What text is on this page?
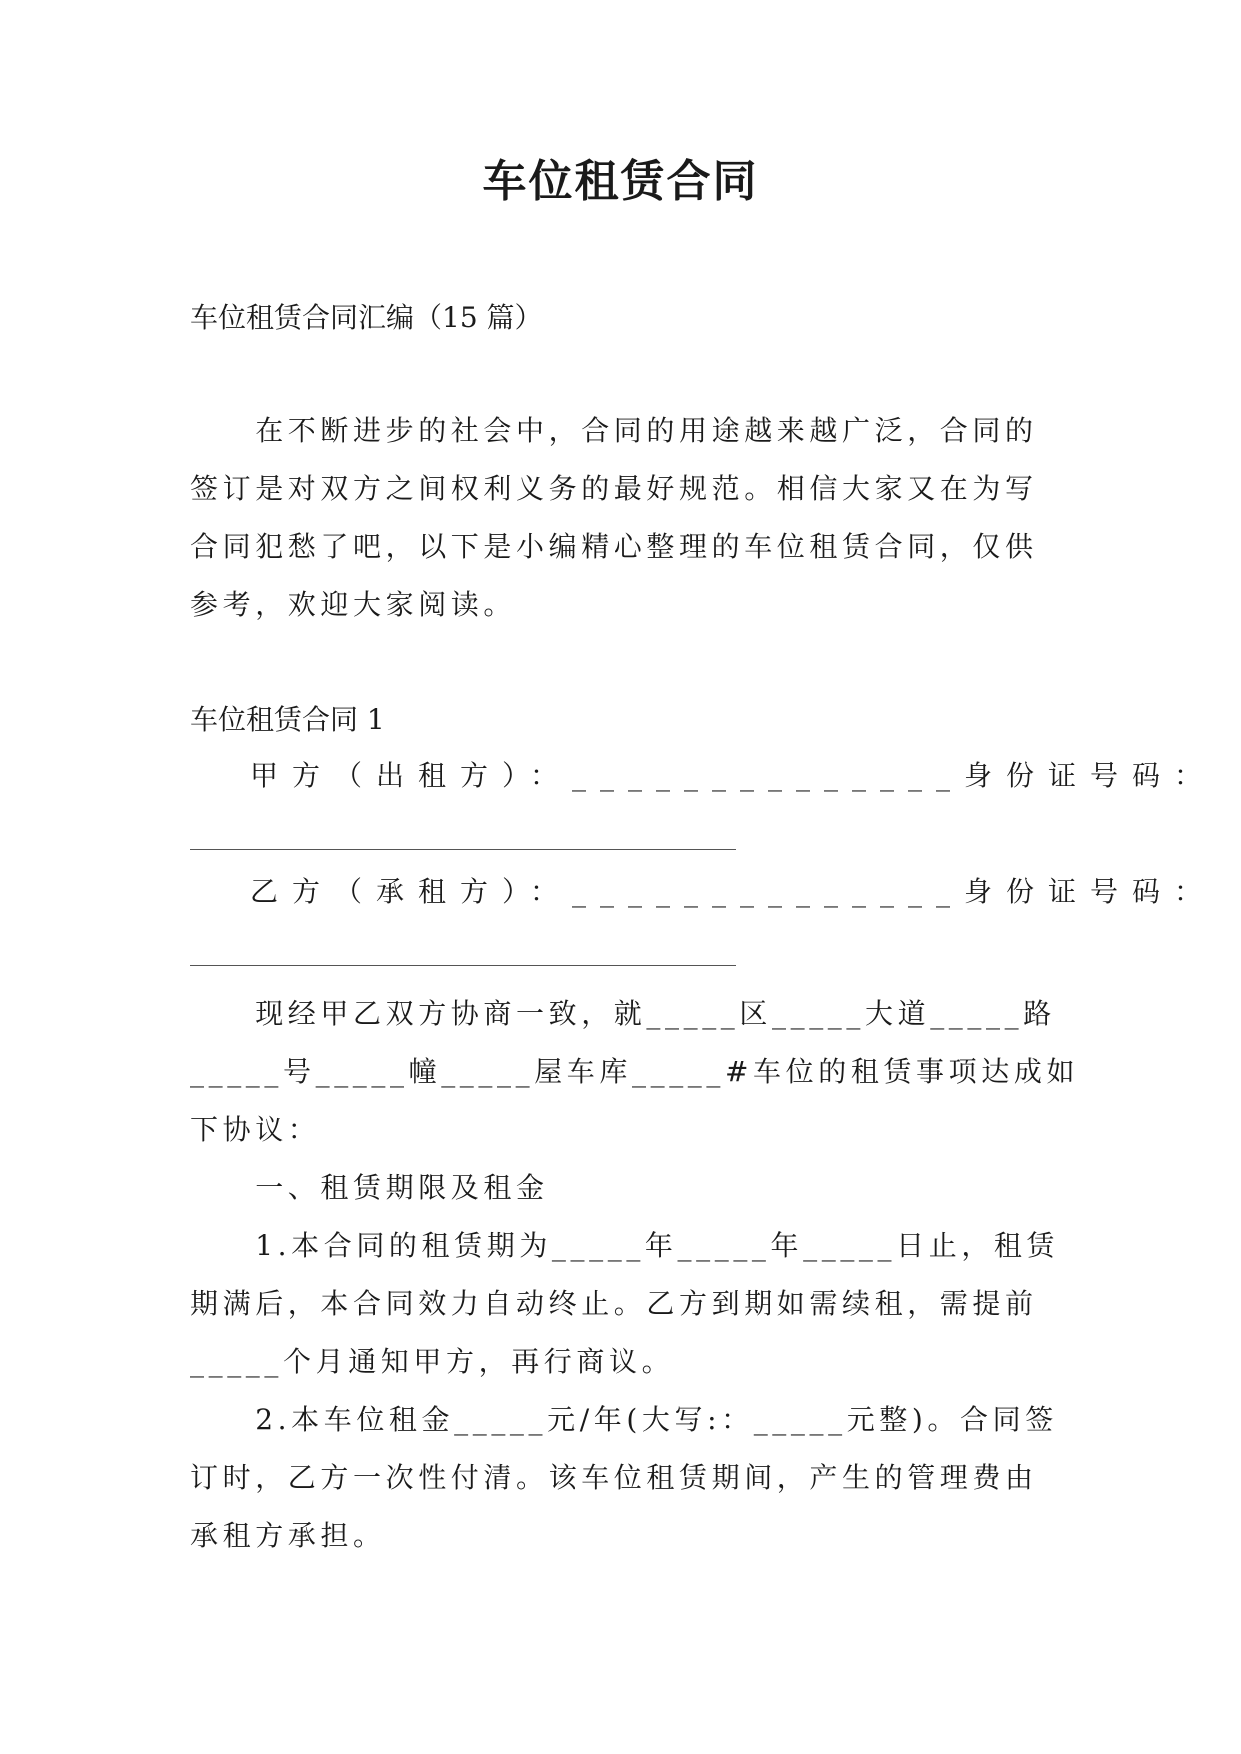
车位租赁合同

车位租赁合同汇编（15 篇）

　　在不断进步的社会中，合同的用途越来越广泛，合同的

签订是对双方之间权利义务的最好规范。相信大家又在为写

合同犯愁了吧，以下是小编精心整理的车位租赁合同，仅供

参考，欢迎大家阅读。

车位租赁合同 1

　甲方（出租方）：______________身份证号码：

　乙方（承租方）：______________身份证号码：

　　现经甲乙双方协商一致，就_____区_____大道_____路

_____号_____幢_____屋车库_____#车位的租赁事项达成如

下协议：

　　一、租赁期限及租金

　　1.本合同的租赁期为_____年_____年_____日止，租赁

期满后，本合同效力自动终止。乙方到期如需续租，需提前

_____个月通知甲方，再行商议。

　　2.本车位租金_____元/年(大写:：_____元整)。合同签

订时，乙方一次性付清。该车位租赁期间，产生的管理费由

承租方承担。
